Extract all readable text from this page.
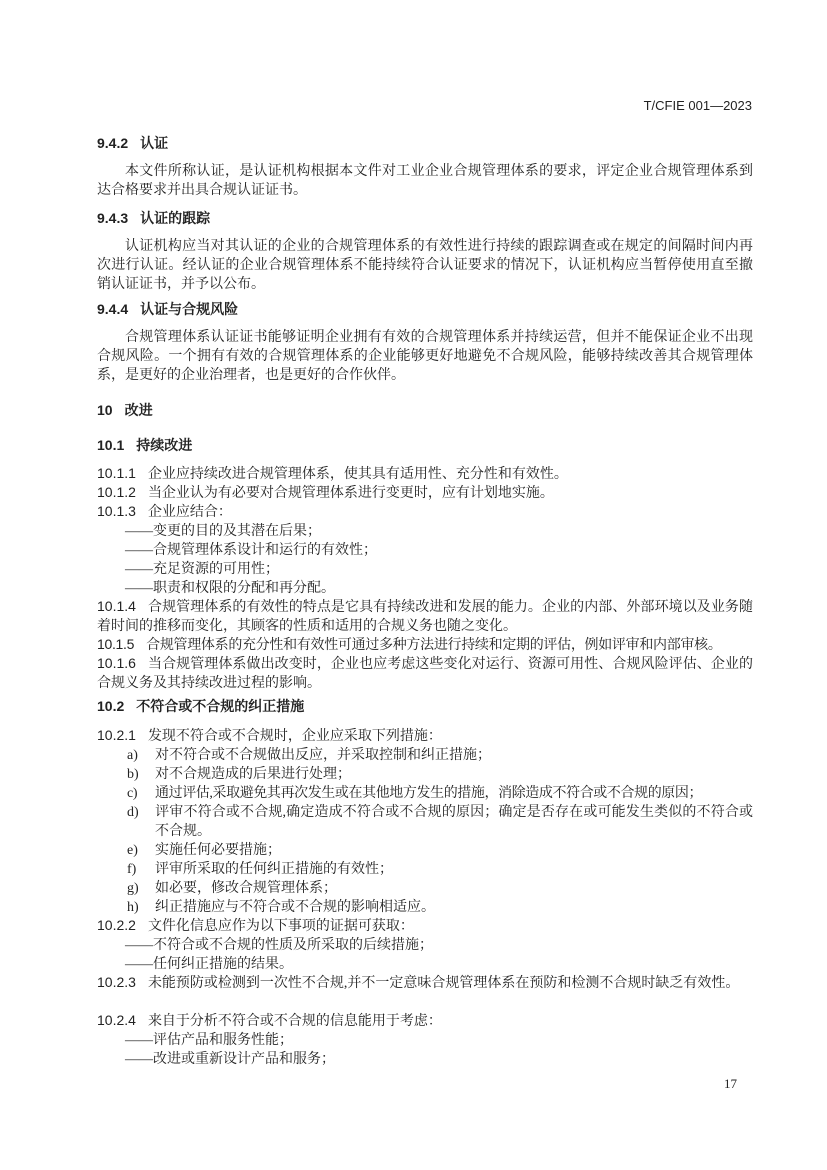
T/CFIE 001—2023
9.4.2 认证
本文件所称认证，是认证机构根据本文件对工业企业合规管理体系的要求，评定企业合规管理体系到达合格要求并出具合规认证证书。
9.4.3 认证的跟踪
认证机构应当对其认证的企业的合规管理体系的有效性进行持续的跟踪调查或在规定的间隔时间内再次进行认证。经认证的企业合规管理体系不能持续符合认证要求的情况下，认证机构应当暂停使用直至撤销认证证书，并予以公布。
9.4.4 认证与合规风险
合规管理体系认证证书能够证明企业拥有有效的合规管理体系并持续运营，但并不能保证企业不出现合规风险。一个拥有有效的合规管理体系的企业能够更好地避免不合规风险，能够持续改善其合规管理体系，是更好的企业治理者，也是更好的合作伙伴。
10 改进
10.1 持续改进
10.1.1 企业应持续改进合规管理体系，使其具有适用性、充分性和有效性。
10.1.2 当企业认为有必要对合规管理体系进行变更时，应有计划地实施。
10.1.3 企业应结合：
——变更的目的及其潜在后果；
——合规管理体系设计和运行的有效性；
——充足资源的可用性；
——职责和权限的分配和再分配。
10.1.4 合规管理体系的有效性的特点是它具有持续改进和发展的能力。企业的内部、外部环境以及业务随着时间的推移而变化，其顾客的性质和适用的合规义务也随之变化。
10.1.5 合规管理体系的充分性和有效性可通过多种方法进行持续和定期的评估，例如评审和内部审核。
10.1.6 当合规管理体系做出改变时，企业也应考虑这些变化对运行、资源可用性、合规风险评估、企业的合规义务及其持续改进过程的影响。
10.2 不符合或不合规的纠正措施
10.2.1 发现不符合或不合规时，企业应采取下列措施：
a) 对不符合或不合规做出反应，并采取控制和纠正措施；
b) 对不合规造成的后果进行处理；
c) 通过评估,采取避免其再次发生或在其他地方发生的措施，消除造成不符合或不合规的原因；
d) 评审不符合或不合规,确定造成不符合或不合规的原因；确定是否存在或可能发生类似的不符合或不合规。
e) 实施任何必要措施；
f) 评审所采取的任何纠正措施的有效性；
g) 如必要，修改合规管理体系；
h) 纠正措施应与不符合或不合规的影响相适应。
10.2.2 文件化信息应作为以下事项的证据可获取：
——不符合或不合规的性质及所采取的后续措施；
——任何纠正措施的结果。
10.2.3 未能预防或检测到一次性不合规,并不一定意味合规管理体系在预防和检测不合规时缺乏有效性。
10.2.4 来自于分析不符合或不合规的信息能用于考虑：
——评估产品和服务性能；
——改进或重新设计产品和服务；
17
